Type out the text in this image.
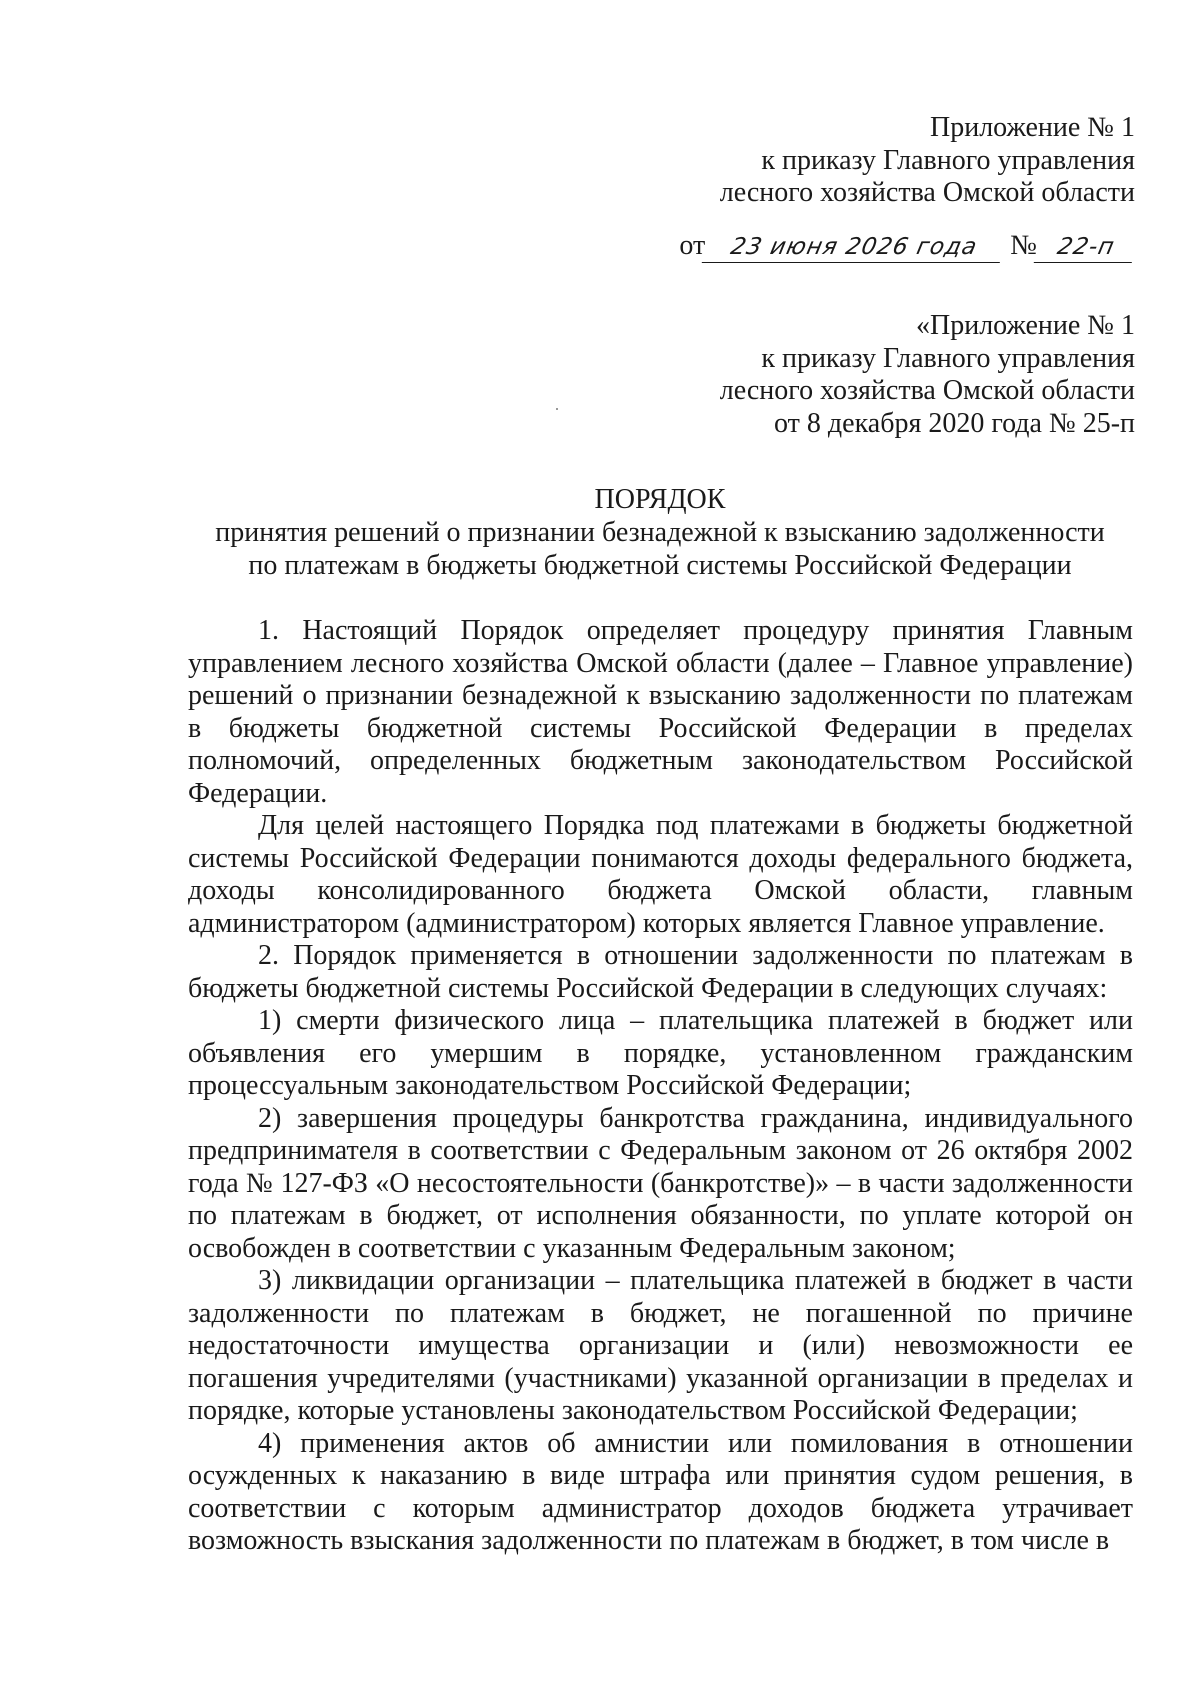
Приложение № 1
к приказу Главного управления
лесного хозяйства Омской области
от 23 июня 2026 года № 22-п
«Приложение № 1
к приказу Главного управления
лесного хозяйства Омской области
от 8 декабря 2020 года № 25-п
ПОРЯДОК
принятия решений о признании безнадежной к взысканию задолженности
по платежам в бюджеты бюджетной системы Российской Федерации

1. Настоящий Порядок определяет процедуру принятия Главным управлением лесного хозяйства Омской области (далее – Главное управление) решений о признании безнадежной к взысканию задолженности по платежам в бюджеты бюджетной системы Российской Федерации в пределах полномочий, определенных бюджетным законодательством Российской Федерации.

Для целей настоящего Порядка под платежами в бюджеты бюджетной системы Российской Федерации понимаются доходы федерального бюджета, доходы консолидированного бюджета Омской области, главным администратором (администратором) которых является Главное управление.

2. Порядок применяется в отношении задолженности по платежам в бюджеты бюджетной системы Российской Федерации в следующих случаях:

1) смерти физического лица – плательщика платежей в бюджет или объявления его умершим в порядке, установленном гражданским процессуальным законодательством Российской Федерации;

2) завершения процедуры банкротства гражданина, индивидуального предпринимателя в соответствии с Федеральным законом от 26 октября 2002 года № 127-ФЗ «О несостоятельности (банкротстве)» – в части задолженности по платежам в бюджет, от исполнения обязанности, по уплате которой он освобожден в соответствии с указанным Федеральным законом;

3) ликвидации организации – плательщика платежей в бюджет в части задолженности по платежам в бюджет, не погашенной по причине недостаточности имущества организации и (или) невозможности ее погашения учредителями (участниками) указанной организации в пределах и порядке, которые установлены законодательством Российской Федерации;

4) применения актов об амнистии или помилования в отношении осужденных к наказанию в виде штрафа или принятия судом решения, в соответствии с которым администратор доходов бюджета утрачивает возможность взыскания задолженности по платежам в бюджет, в том числе в
